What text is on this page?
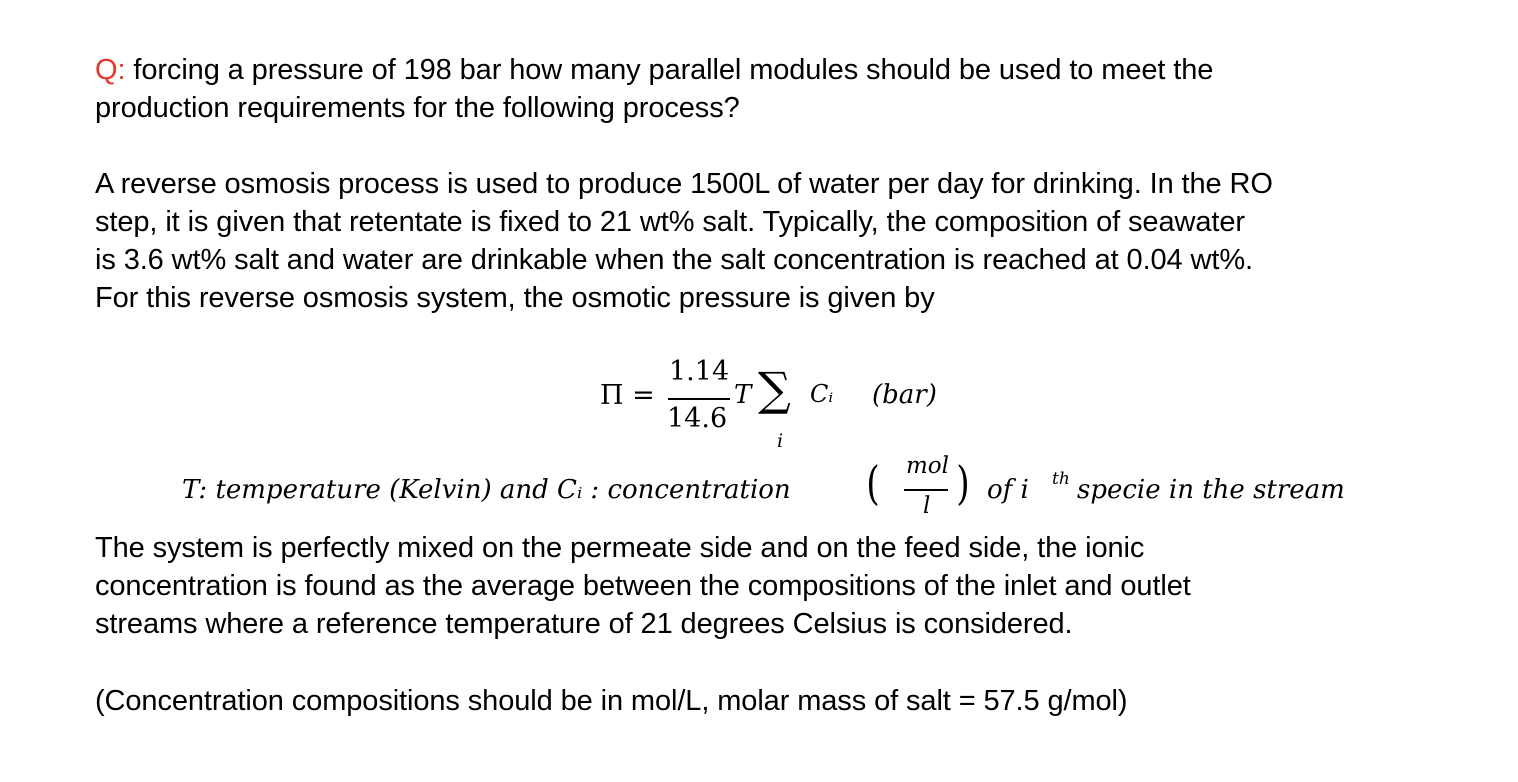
Q: forcing a pressure of 198 bar how many parallel modules should be used to meet the
production requirements for the following process?
A reverse osmosis process is used to produce 1500L of water per day for drinking. In the RO
step, it is given that retentate is fixed to 21 wt% salt. Typically, the composition of seawater
is 3.6 wt% salt and water are drinkable when the salt concentration is reached at 0.04 wt%.
For this reverse osmosis system, the osmotic pressure is given by
Π =
1.14
14.6
T ∑
i
Cᵢ (bar)
T: temperature (Kelvin) and Cᵢ : concentration ( mol
l ) of i th specie in the stream
The system is perfectly mixed on the permeate side and on the feed side, the ionic
concentration is found as the average between the compositions of the inlet and outlet
streams where a reference temperature of 21 degrees Celsius is considered.
(Concentration compositions should be in mol/L, molar mass of salt = 57.5 g/mol)
